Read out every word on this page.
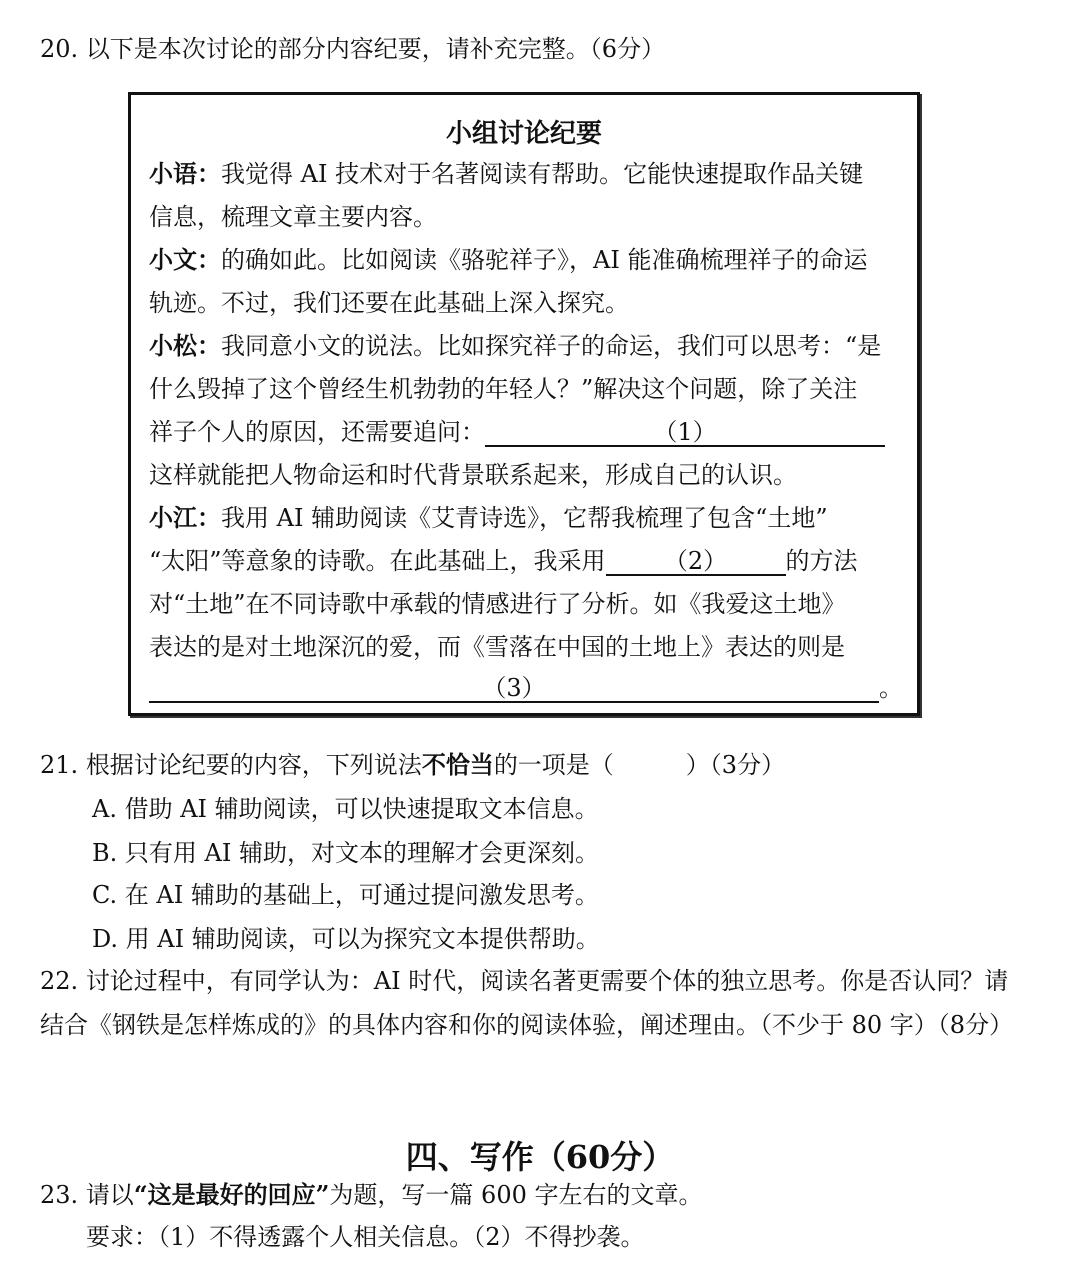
20. 以下是本次讨论的部分内容纪要，请补充完整。（6分）
小组讨论纪要
小语：我觉得 AI 技术对于名著阅读有帮助。它能快速提取作品关键
信息，梳理文章主要内容。
小文：的确如此。比如阅读《骆驼祥子》，AI 能准确梳理祥子的命运
轨迹。不过，我们还要在此基础上深入探究。
小松：我同意小文的说法。比如探究祥子的命运，我们可以思考：“是
什么毁掉了这个曾经生机勃勃的年轻人？”解决这个问题，除了关注
祥子个人的原因，还需要追问：	（1）
这样就能把人物命运和时代背景联系起来，形成自己的认识。
小江：我用 AI 辅助阅读《艾青诗选》，它帮我梳理了包含“土地”
“太阳”等意象的诗歌。在此基础上，我采用 （2） 的方法
对“土地”在不同诗歌中承载的情感进行了分析。如《我爱这土地》
表达的是对土地深沉的爱，而《雪落在中国的土地上》表达的则是
（3）	。
21. 根据讨论纪要的内容，下列说法不恰当的一项是（　　　）（3分）
A. 借助 AI 辅助阅读，可以快速提取文本信息。
B. 只有用 AI 辅助，对文本的理解才会更深刻。
C. 在 AI 辅助的基础上，可通过提问激发思考。
D. 用 AI 辅助阅读，可以为探究文本提供帮助。
22. 讨论过程中，有同学认为：AI 时代，阅读名著更需要个体的独立思考。你是否认同？请
结合《钢铁是怎样炼成的》的具体内容和你的阅读体验，阐述理由。（不少于 80 字）（8分）
四、写作（60分）
23. 请以“这是最好的回应”为题，写一篇 600 字左右的文章。
要求：（1）不得透露个人相关信息。（2）不得抄袭。
